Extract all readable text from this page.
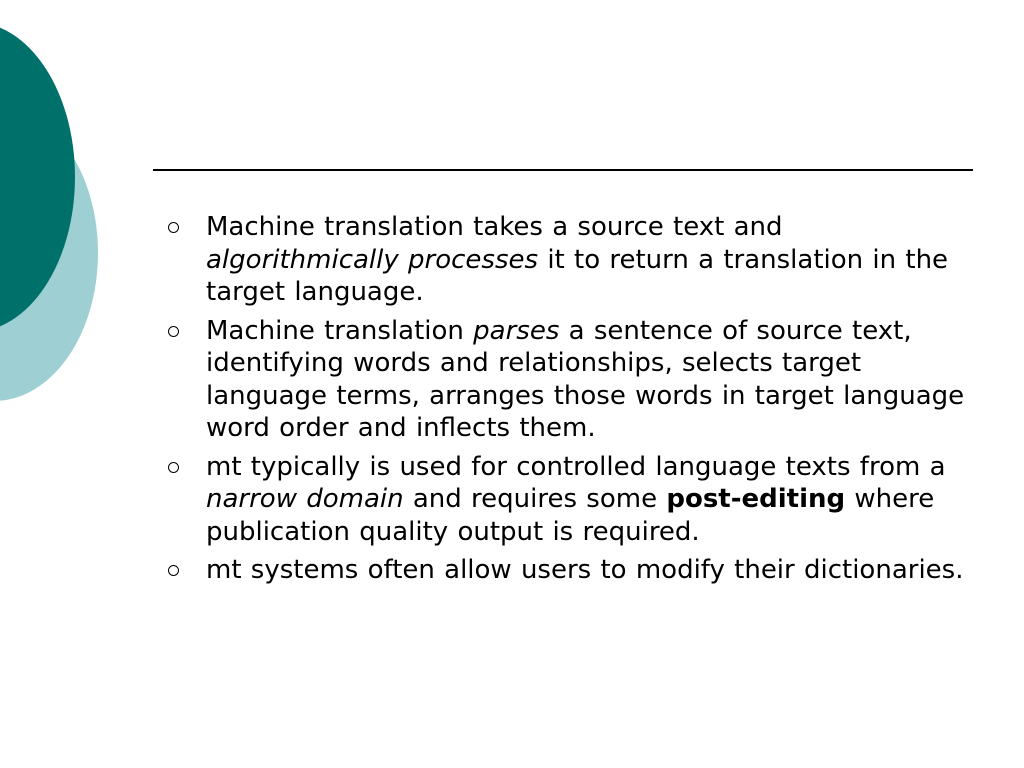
Machine translation takes a source text and algorithmically processes it to return a translation in the target language.
Machine translation parses a sentence of source text, identifying words and relationships, selects target language terms, arranges those words in target language word order and inflects them.
mt typically is used for controlled language texts from a narrow domain and requires some post-editing where publication quality output is required.
mt systems often allow users to modify their dictionaries.
